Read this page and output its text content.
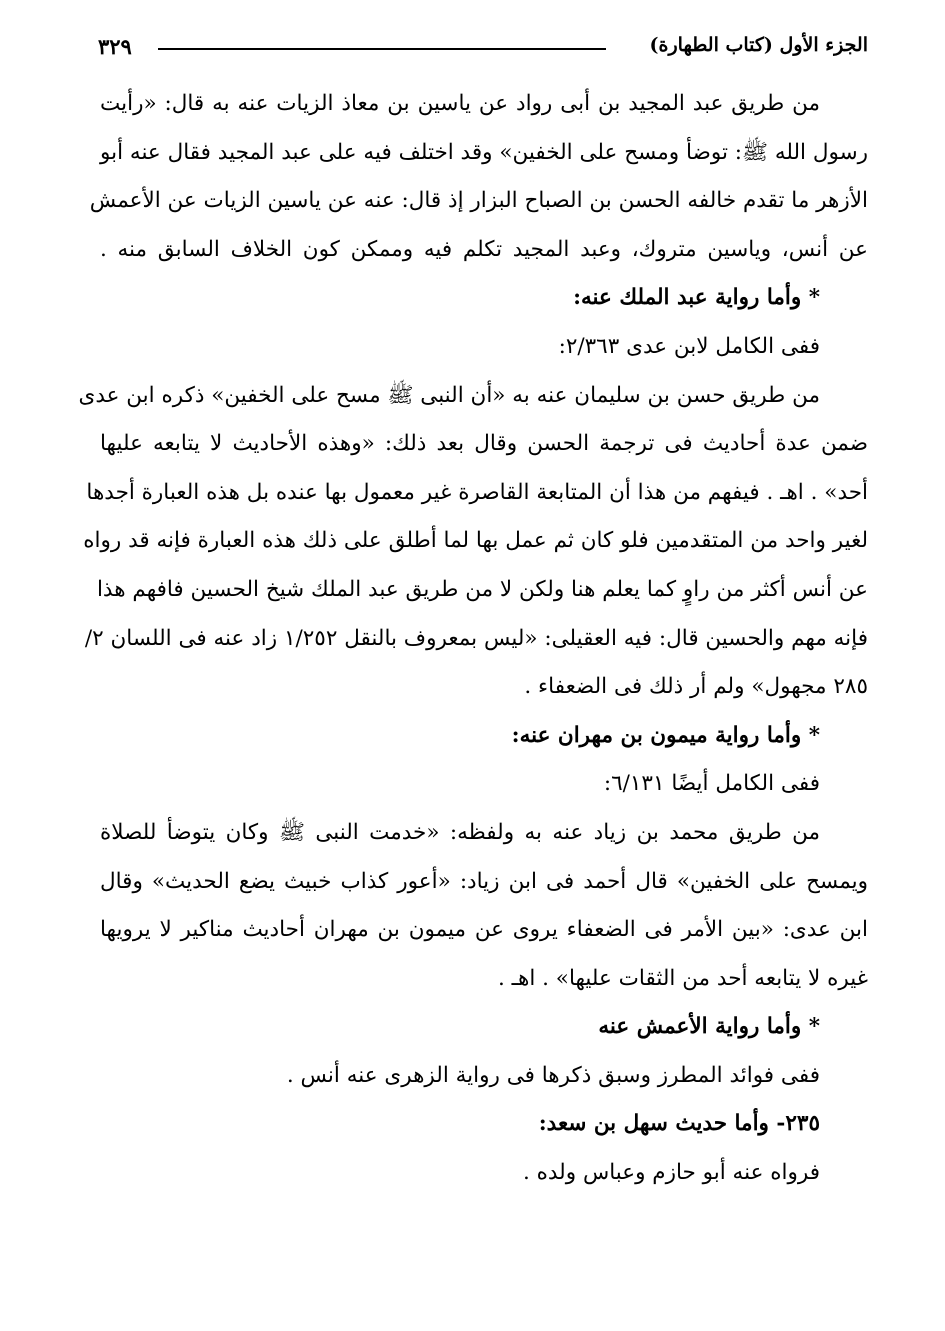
الجزء الأول (كتاب الطهارة)
٣٢٩
من طريق عبد المجيد بن أبى رواد عن ياسين بن معاذ الزيات عنه به قال: «رأيت
رسول الله ﷺ: توضأ ومسح على الخفين» وقد اختلف فيه على عبد المجيد فقال عنه أبو
الأزهر ما تقدم خالفه الحسن بن الصباح البزار إذ قال: عنه عن ياسين الزيات عن الأعمش
عن أنس، وياسين متروك، وعبد المجيد تكلم فيه وممكن كون الخلاف السابق منه .
* وأما رواية عبد الملك عنه:
ففى الكامل لابن عدى ٢/٣٦٣:
من طريق حسن بن سليمان عنه به «أن النبى ﷺ مسح على الخفين» ذكره ابن عدى
ضمن عدة أحاديث فى ترجمة الحسن وقال بعد ذلك: «وهذه الأحاديث لا يتابعه عليها
أحد» . اهـ . فيفهم من هذا أن المتابعة القاصرة غير معمول بها عنده بل هذه العبارة أجدها
لغير واحد من المتقدمين فلو كان ثم عمل بها لما أطلق على ذلك هذه العبارة فإنه قد رواه
عن أنس أكثر من راوٍ كما يعلم هنا ولكن لا من طريق عبد الملك شيخ الحسين فافهم هذا
فإنه مهم والحسين قال: فيه العقيلى: «ليس بمعروف بالنقل ١/٢٥٢ زاد عنه فى اللسان ٢/
٢٨٥ مجهول» ولم أر ذلك فى الضعفاء .
* وأما رواية ميمون بن مهران عنه:
ففى الكامل أيضًا ٦/١٣١:
من طريق محمد بن زياد عنه به ولفظه: «خدمت النبى ﷺ وكان يتوضأ للصلاة
ويمسح على الخفين» قال أحمد فى ابن زياد: «أعور كذاب خبيث يضع الحديث» وقال
ابن عدى: «بين الأمر فى الضعفاء يروى عن ميمون بن مهران أحاديث مناكير لا يرويها
غيره لا يتابعه أحد من الثقات عليها» . اهـ .
* وأما رواية الأعمش عنه
ففى فوائد المطرز وسبق ذكرها فى رواية الزهرى عنه أنس .
٢٣٥- وأما حديث سهل بن سعد:
فرواه عنه أبو حازم وعباس ولده .
